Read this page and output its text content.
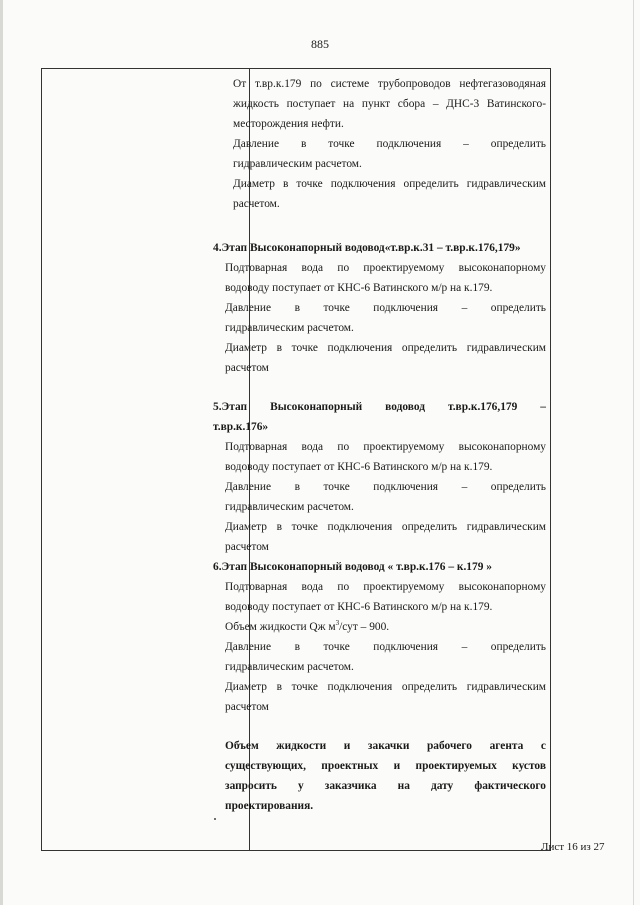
885

От т.вр.к.179 по системе трубопроводов нефтегазоводяная

жидкость поступает на пункт сбора – ДНС-3 Ватинского-

месторождения нефти.

Давление в точке подключения – определить

гидравлическим расчетом.

Диаметр в точке подключения определить гидравлическим

расчетом.

4.Этап Высоконапорный водовод«т.вр.к.31 – т.вр.к.176,179»

Подтоварная вода по проектируемому высоконапорному

водоводу поступает от КНС-6 Ватинского м/р на к.179.

Давление в точке подключения – определить

гидравлическим расчетом.

Диаметр в точке подключения определить гидравлическим

расчетом

5.Этап Высоконапорный водовод т.вр.к.176,179 –

т.вр.к.176»

Подтоварная вода по проектируемому высоконапорному

водоводу поступает от КНС-6 Ватинского м/р на к.179.

Давление в точке подключения – определить

гидравлическим расчетом.

Диаметр в точке подключения определить гидравлическим

расчетом

6.Этап Высоконапорный водовод « т.вр.к.176 – к.179 »

Подтоварная вода по проектируемому высоконапорному

водоводу поступает от КНС-6 Ватинского м/р на к.179.

Объем жидкости Qж $м^3$/сут – 900.

Давление в точке подключения – определить

гидравлическим расчетом.

Диаметр в точке подключения определить гидравлическим

расчетом

Объем жидкости и закачки рабочего агента с

существующих, проектных и проектируемых кустов

запросить у заказчика на дату фактического

проектирования.

Лист 16 из 27
